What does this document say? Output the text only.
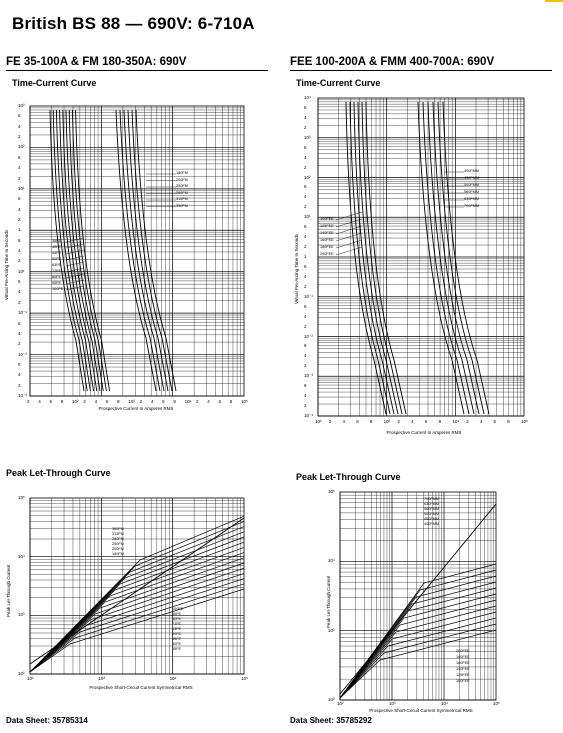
British BS 88 — 690V: 6-710A
FE 35-100A & FM 180-350A: 690V
Time-Current Curve
Virtual Pre-Arcing Time In Seconds
Prospective Current In Amperes RMS
10³
6
4
2
10²
6
4
2
10¹
6
4
2
1
6
4
2
10¹
6
4
2
10⁻¹
6
4
2
10⁻²
6
4
2
10⁻³
2 4 6 8 10² 2 4 6 8 10³ 2 4 6 8 10⁴ 2 4 6 8 10⁵
180FM
200FM
250FM
280FM
315FM
350FM
35FE
40FE
45FE
50FE
63FE
71FE
80FE
90FE
100FE
Peak Let-Through Curve
Peak Let-Through Current
Prospective Short-Circuit Current Symmetrical RMS
10⁵
10⁴
10³
10²
10²	10³	10⁴	10⁵
350FM
315FM
280FM
250FM
200FM
180FM
100FE
90FE
80FE
71FE
63FE
50FE
45FE
40FE
35FE
Data Sheet: 35785314
FEE 100-200A & FMM 400-700A: 690V
Time-Current Curve
Virtual Pre-Arcing Time In Seconds
Prospective Current In Amperes RMS
10⁴
6
4
2
10³
6
4
2
10²
6
4
2
10¹
6
4
2
1
6
4
2
10⁻¹
6
4
2
10⁻²
6
4
2
10⁻³
6
4
2
10⁻⁴
10² 2 4 6 8 10³ 2 4 6 8 10⁴ 2 4 6 8 10⁵
400FMM
450FMM
500FMM
560FMM
630FMM
700FMM
100FEE
125FEE
140FEE
160FEE
180FEE
200FEE
Peak Let-Through Curve
Peak Let-Through Current
Prospective Short-Circuit Current Symmetrical RMS
10⁵
10⁴
10³
10²
10²	10³	10⁴	10⁵
700FMM
630FMM
560FMM
500FMM
450FMM
400FMM
200FEE
180FEE
160FEE
140FEE
125FEE
100FEE
Data Sheet: 35785292
